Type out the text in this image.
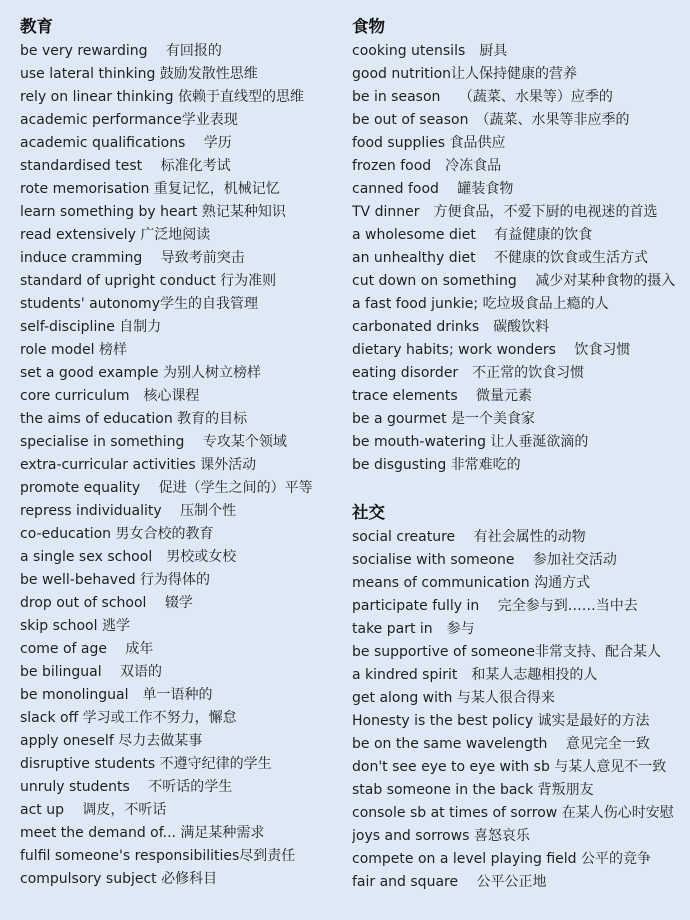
教育
be very rewarding　 有回报的
use lateral thinking 鼓励发散性思维
rely on linear thinking 依赖于直线型的思维
academic performance学业表现
academic qualifications　 学历
standardised test　 标准化考试
rote memorisation 重复记忆，机械记忆
learn something by heart 熟记某种知识
read extensively 广泛地阅读
induce cramming　 导致考前突击
standard of upright conduct 行为准则
students' autonomy学生的自我管理
self-discipline 自制力
role model 榜样
set a good example 为别人树立榜样
core curriculum　核心课程
the aims of education 教育的目标
specialise in something　 专攻某个领域
extra-curricular activities 课外活动
promote equality　 促进（学生之间的）平等
repress individuality　 压制个性
co-education 男女合校的教育
a single sex school　男校或女校
be well-behaved 行为得体的
drop out of school　 辍学
skip school 逃学
come of age　 成年
be bilingual　 双语的
be monolingual　单一语种的
slack off 学习或工作不努力，懈怠
apply oneself 尽力去做某事
disruptive students 不遵守纪律的学生
unruly students　 不听话的学生
act up　 调皮，不听话
meet the demand of... 满足某种需求
fulfil someone's responsibilities尽到责任
compulsory subject 必修科目
食物
cooking utensils　厨具
good nutrition让人保持健康的营养
be in season　 （蔬菜、水果等）应季的
be out of season　（蔬菜、水果等非应季的
food supplies 食品供应
frozen food　冷冻食品
canned food　 罐装食物
TV dinner　方便食品，不爱下厨的电视迷的首选
a wholesome diet　 有益健康的饮食
an unhealthy diet　 不健康的饮食或生活方式
cut down on something　 减少对某种食物的摄入
a fast food junkie; 吃垃圾食品上瘾的人
carbonated drinks　碳酸饮料
dietary habits; work wonders　 饮食习惯
eating disorder　不正常的饮食习惯
trace elements　 微量元素
be a gourmet 是一个美食家
be mouth-watering 让人垂涎欲滴的
be disgusting 非常难吃的
社交
social creature　 有社会属性的动物
socialise with someone　 参加社交活动
means of communication 沟通方式
participate fully in　 完全参与到……当中去
take part in　参与
be supportive of someone非常支持、配合某人
a kindred spirit　和某人志趣相投的人
get along with 与某人很合得来
Honesty is the best policy 诚实是最好的方法
be on the same wavelength　 意见完全一致
don't see eye to eye with sb 与某人意见不一致
stab someone in the back 背叛朋友
console sb at times of sorrow 在某人伤心时安慰
joys and sorrows 喜怒哀乐
compete on a level playing field 公平的竞争
fair and square　 公平公正地
